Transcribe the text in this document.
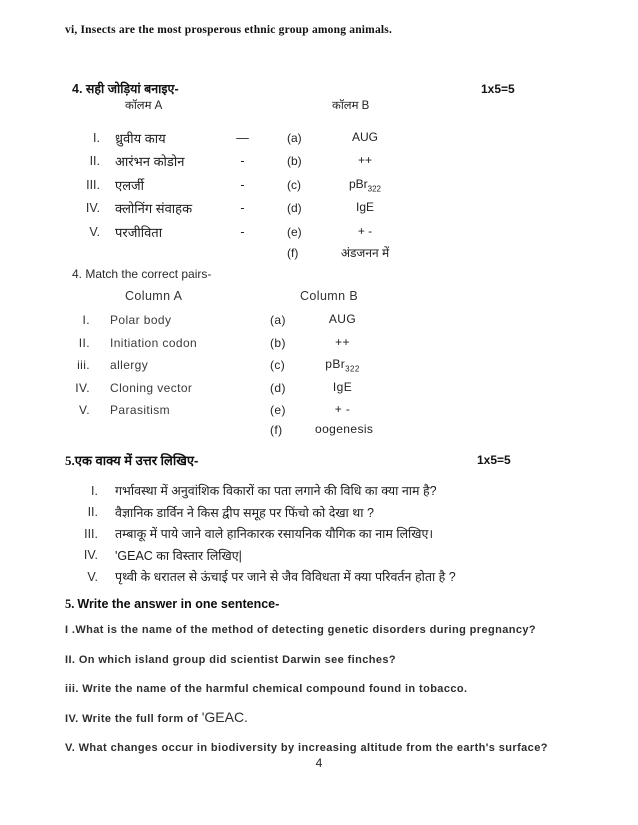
vi, Insects are the most prosperous ethnic group among animals.
4. सही जोड़ियां बनाइए-	1x5=5
कॉलम A	कॉलम B
I.	ध्रुवीय काय	—	(a)	AUG
II.	आरंभन कोडोन	-	(b)	++
III.	एलर्जी	-	(c)	pBr$_{322}$
IV.	क्लोनिंग संवाहक	-	(d)	IgE
V.	परजीविता	-	(e)	+ -
(f)	अंडजनन में
4. Match the correct pairs-
Column A	Column B
I.	Polar body	(a)	AUG
II.	Initiation codon	(b)	++
iii.	allergy	(c)	pBr$_{322}$
IV.	Cloning vector	(d)	IgE
V.	Parasitism	(e)	+ -
(f)	oogenesis
5.एक वाक्य में उत्तर लिखिए-	1x5=5
I.	गर्भावस्था में अनुवांशिक विकारों का पता लगाने की विधि का क्या नाम है?
II.	वैज्ञानिक डार्विन ने किस द्वीप समूह पर फिंचो को देखा था ?
III.	तम्बाकू में पाये जाने वाले हानिकारक रसायनिक यौगिक का नाम लिखिए।
IV.	'GEAC का विस्तार लिखिए|
V.	पृथ्वी के धरातल से ऊंचाई पर जाने से जैव विविधता में क्या परिवर्तन होता है ?
5. Write the answer in one sentence-

I .What is the name of the method of detecting genetic disorders during pregnancy?

II. On which island group did scientist Darwin see finches?

iii. Write the name of the harmful chemical compound found in tobacco.

IV. Write the full form of 'GEAC.

V. What changes occur in biodiversity by increasing altitude from the earth's surface?

4
